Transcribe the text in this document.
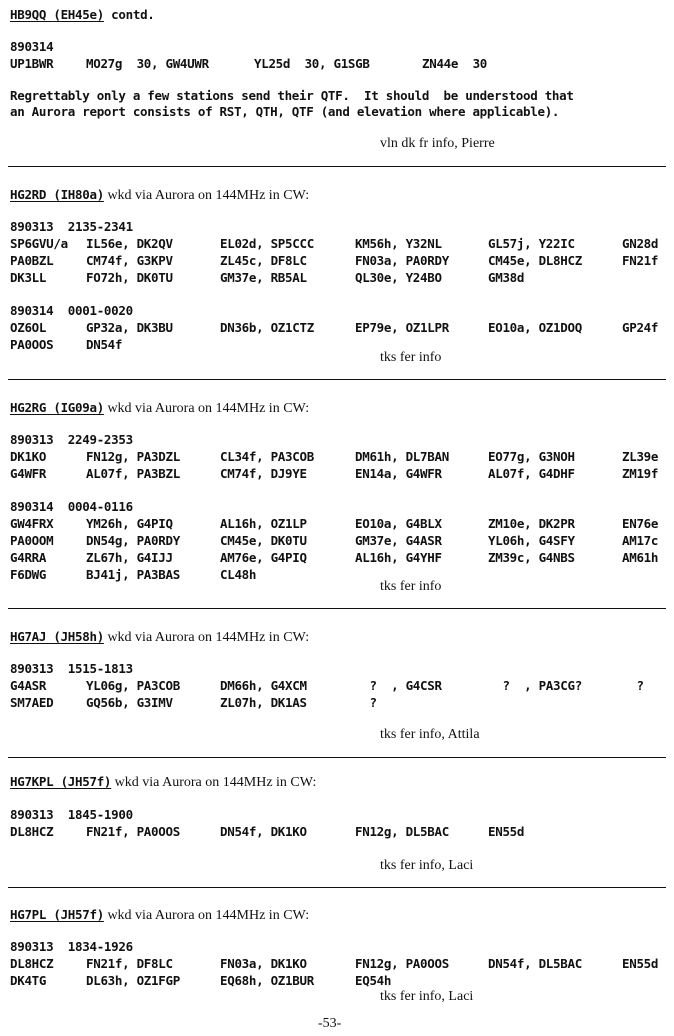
HB9QQ (EH45e) contd.
890314
UP1BWR	MO27g  30, GW4UWR	YL25d  30, G1SGB	ZN44e  30
Regrettably only a few stations send their QTF.  It should  be understood that
an Aurora report consists of RST, QTH, QTF (and elevation where applicable).
vln dk fr info, Pierre
HG2RD (IH80a) wkd via Aurora on 144MHz in CW:
890313  2135-2341
SP6GVU/a IL56e, DK2QV	EL02d, SP5CCC	KM56h, Y32NL	GL57j, Y22IC	GN28d
PA0BZL	CM74f, G3KPV	ZL45c, DF8LC	FN03a, PA0RDY	CM45e, DL8HCZ	FN21f
DK3LL	FO72h, DK0TU	GM37e, RB5AL	QL30e, Y24BO	GM38d
890314  0001-0020
OZ6OL	GP32a, DK3BU	DN36b, OZ1CTZ	EP79e, OZ1LPR	EO10a, OZ1DOQ	GP24f
PA0OOS	DN54f
tks fer info
HG2RG (IG09a) wkd via Aurora on 144MHz in CW:
890313  2249-2353
DK1KO	FN12g, PA3DZL	CL34f, PA3COB	DM61h, DL7BAN	EO77g, G3NOH	ZL39e
G4WFR	AL07f, PA3BZL	CM74f, DJ9YE	EN14a, G4WFR	AL07f, G4DHF	ZM19f
890314  0004-0116
GW4FRX	YM26h, G4PIQ	AL16h, OZ1LP	EO10a, G4BLX	ZM10e, DK2PR	EN76e
PA0OOM	DN54g, PA0RDY	CM45e, DK0TU	GM37e, G4ASR	YL06h, G4SFY	AM17c
G4RRA	ZL67h, G4IJJ	AM76e, G4PIQ	AL16h, G4YHF	ZM39c, G4NBS	AM61h
F6DWG	BJ41j, PA3BAS	CL48h
tks fer info
HG7AJ (JH58h) wkd via Aurora on 144MHz in CW:
890313  1515-1813
G4ASR	YL06g, PA3COB	DM66h, G4XCM	?  , G4CSR	?  , PA3CG?	?
SM7AED	GQ56b, G3IMV	ZL07h, DK1AS	?
tks fer info, Attila
HG7KPL (JH57f) wkd via Aurora on 144MHz in CW:
890313  1845-1900
DL8HCZ	FN21f, PA0OOS	DN54f, DK1KO	FN12g, DL5BAC	EN55d
tks fer info, Laci
HG7PL (JH57f) wkd via Aurora on 144MHz in CW:
890313  1834-1926
DL8HCZ	FN21f, DF8LC	FN03a, DK1KO	FN12g, PA0OOS	DN54f, DL5BAC	EN55d
DK4TG	DL63h, OZ1FGP	EQ68h, OZ1BUR	EQ54h
tks fer info, Laci
-53-
